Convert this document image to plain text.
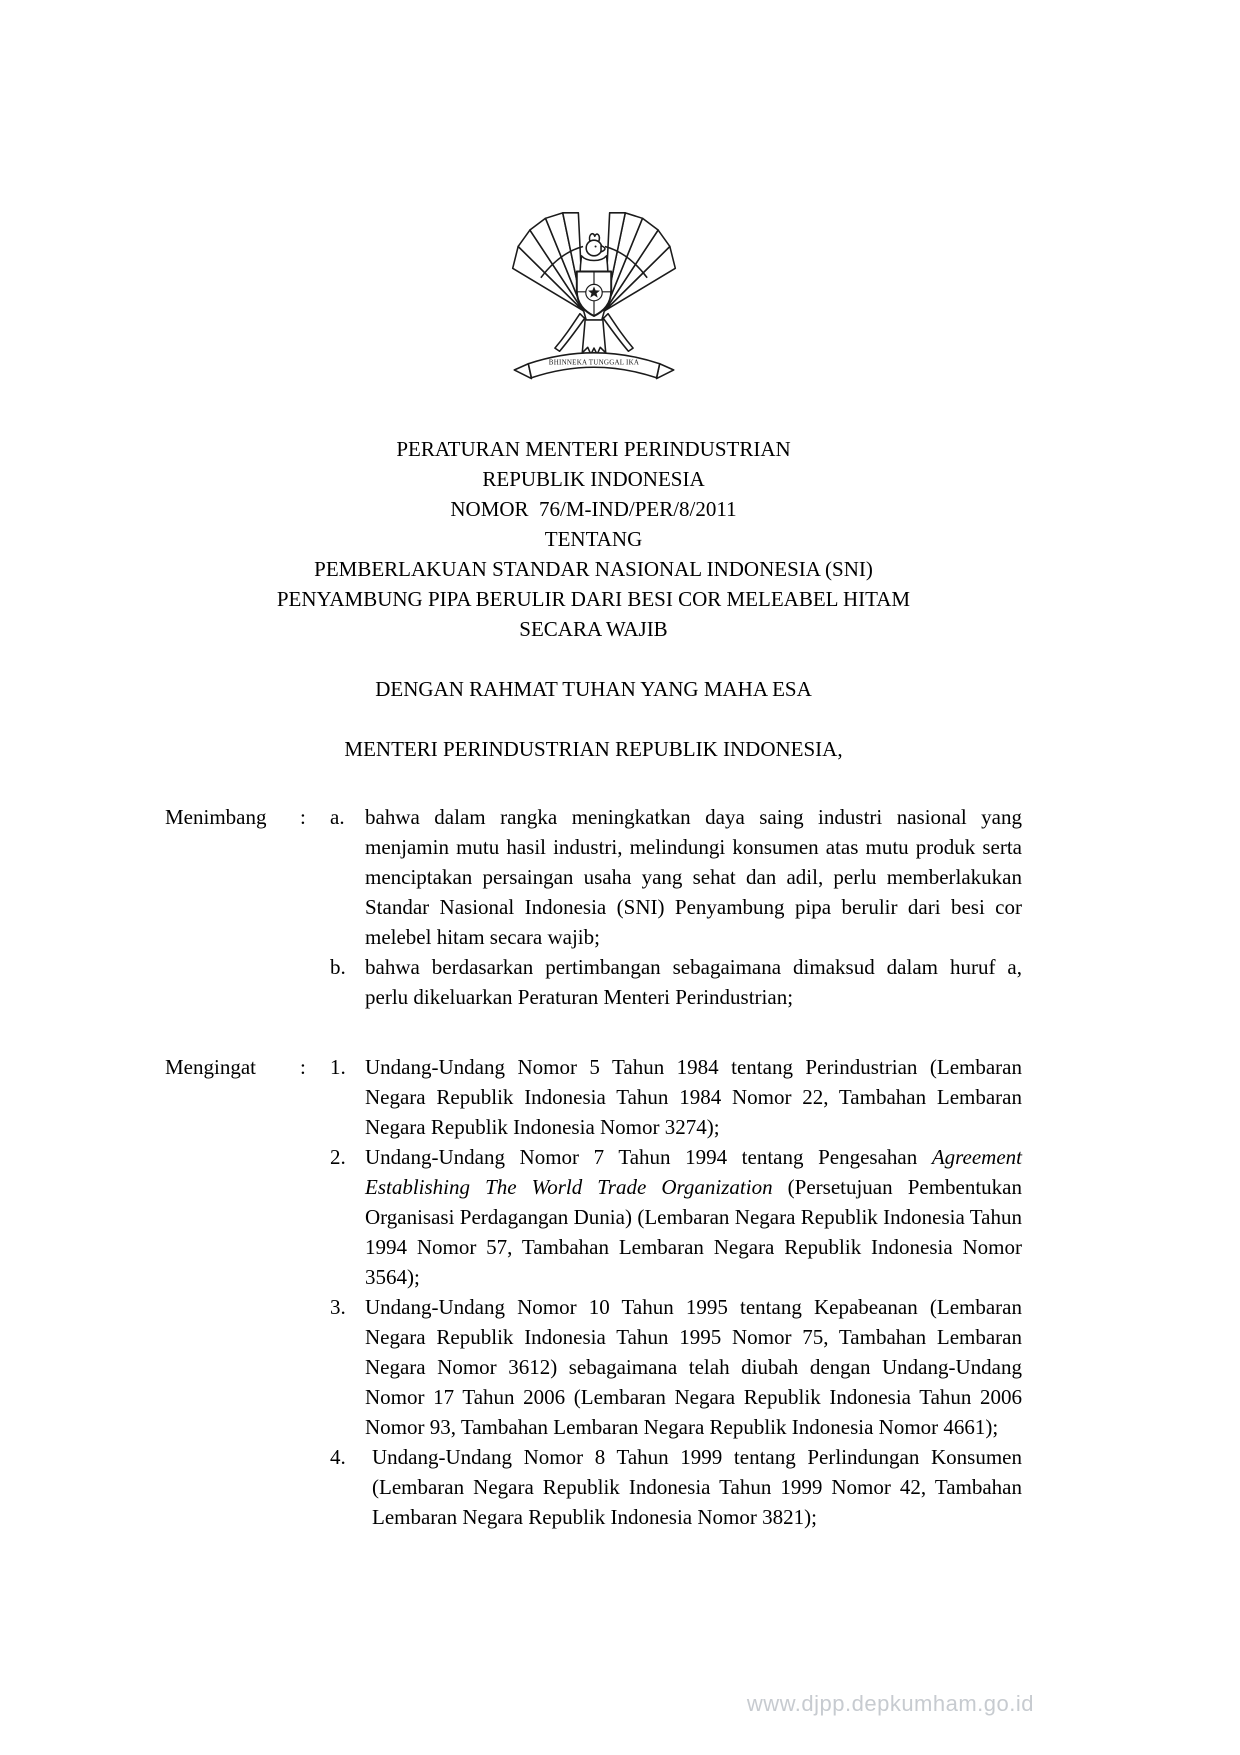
BHINNEKA TUNGGAL IKA
PERATURAN MENTERI PERINDUSTRIAN
REPUBLIK INDONESIA
NOMOR  76/M-IND/PER/8/2011
TENTANG
PEMBERLAKUAN STANDAR NASIONAL INDONESIA (SNI)
PENYAMBUNG PIPA BERULIR DARI BESI COR MELEABEL HITAM
SECARA WAJIB
DENGAN RAHMAT TUHAN YANG MAHA ESA
MENTERI PERINDUSTRIAN REPUBLIK INDONESIA,
Menimbang	:	a. bahwa dalam rangka meningkatkan daya saing industri nasional yang menjamin mutu hasil industri, melindungi konsumen atas mutu produk serta menciptakan persaingan usaha yang sehat dan adil, perlu memberlakukan Standar Nasional Indonesia (SNI) Penyambung pipa berulir dari besi cor melebel hitam secara wajib;
b. bahwa berdasarkan pertimbangan sebagaimana dimaksud dalam huruf a, perlu dikeluarkan Peraturan Menteri Perindustrian;
Mengingat	:	1. Undang-Undang Nomor 5 Tahun 1984 tentang Perindustrian (Lembaran Negara Republik Indonesia Tahun 1984 Nomor 22, Tambahan Lembaran Negara Republik Indonesia Nomor 3274);
2. Undang-Undang Nomor 7 Tahun 1994 tentang Pengesahan Agreement Establishing The World Trade Organization (Persetujuan Pembentukan Organisasi Perdagangan Dunia) (Lembaran Negara Republik Indonesia Tahun 1994 Nomor 57, Tambahan Lembaran Negara Republik Indonesia Nomor 3564);
3. Undang-Undang Nomor 10 Tahun 1995 tentang Kepabeanan (Lembaran Negara Republik Indonesia Tahun 1995 Nomor 75, Tambahan Lembaran Negara Nomor 3612) sebagaimana telah diubah dengan Undang-Undang Nomor 17 Tahun 2006 (Lembaran Negara Republik Indonesia Tahun 2006 Nomor 93, Tambahan Lembaran Negara Republik Indonesia Nomor 4661);
4.	Undang-Undang Nomor 8 Tahun 1999 tentang Perlindungan Konsumen (Lembaran Negara Republik Indonesia Tahun 1999 Nomor 42, Tambahan Lembaran Negara Republik Indonesia Nomor 3821);
www.djpp.depkumham.go.id
